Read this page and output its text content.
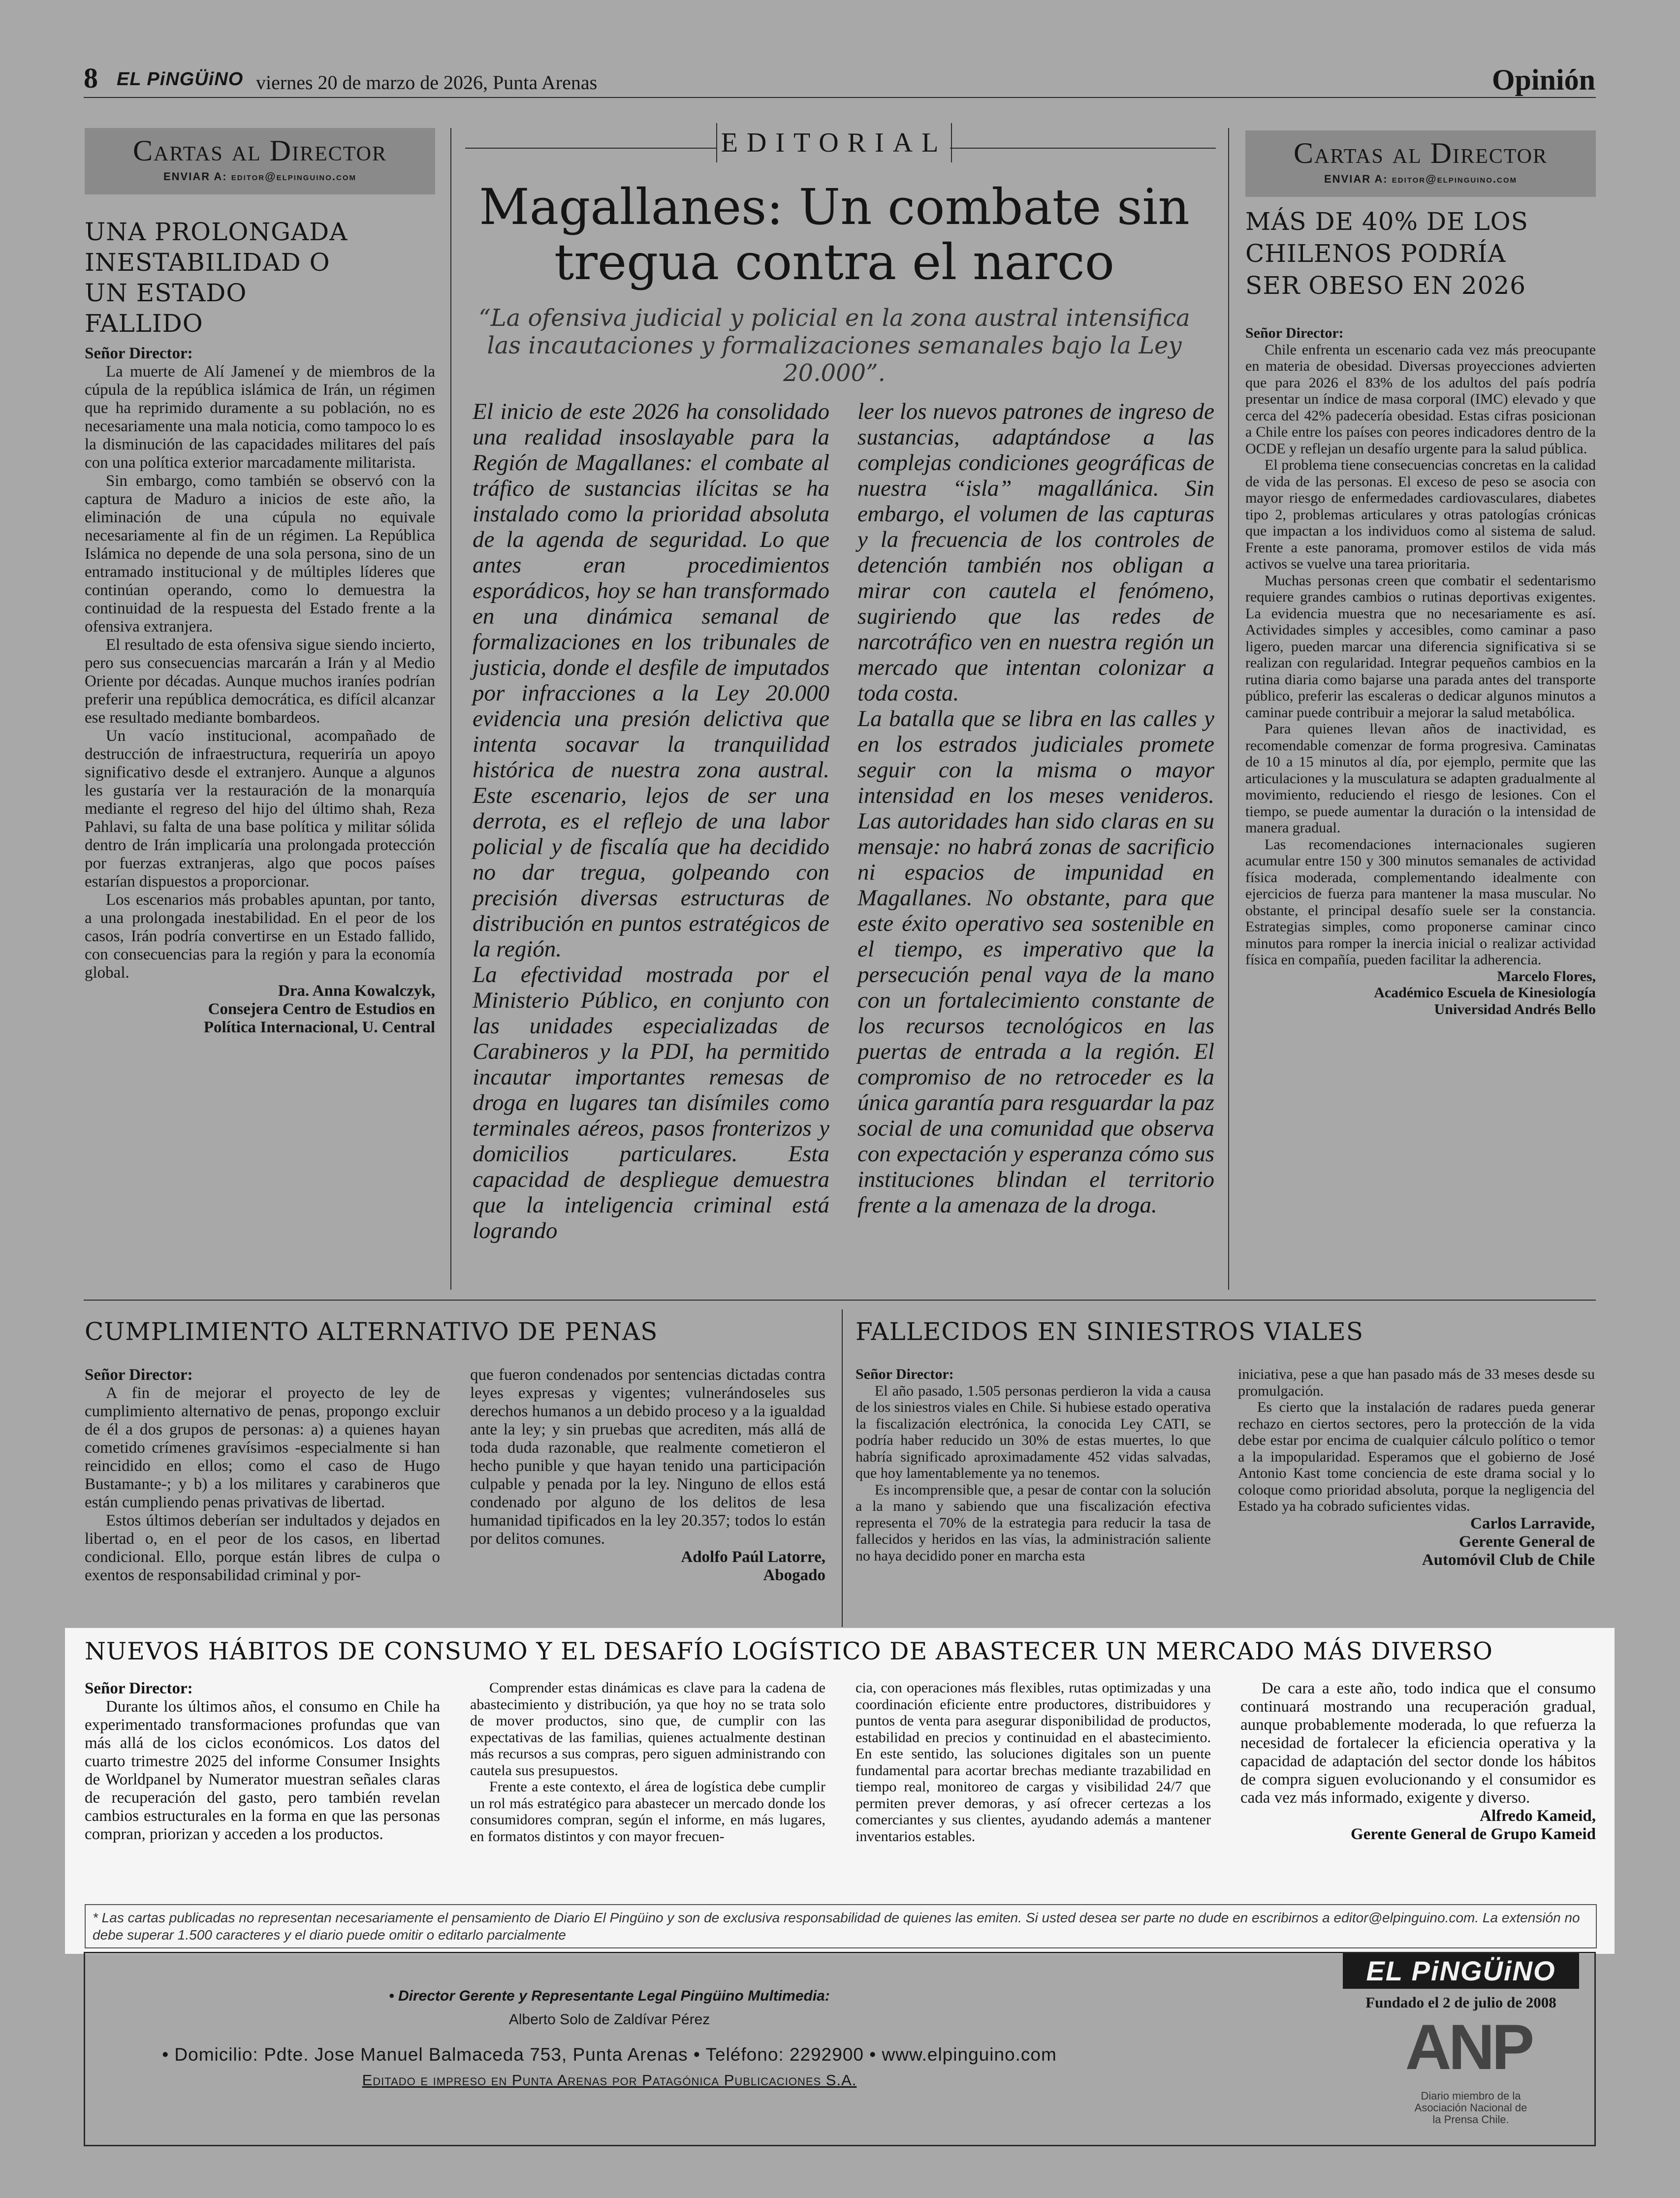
8 EL PiNGÜiNO viernes 20 de marzo de 2026, Punta Arenas	Opinión
Cartas al Director
ENVIAR A: editor@elpinguino.com
UNA PROLONGADA INESTABILIDAD O UN ESTADO FALLIDO
Señor Director:

La muerte de Alí Jameneí y de miembros de la cúpula de la república islámica de Irán, un régimen que ha reprimido duramente a su población, no es necesariamente una mala noticia, como tampoco lo es la disminución de las capacidades militares del país con una política exterior marcadamente militarista.

Sin embargo, como también se observó con la captura de Maduro a inicios de este año, la eliminación de una cúpula no equivale necesariamente al fin de un régimen. La República Islámica no depende de una sola persona, sino de un entramado institucional y de múltiples líderes que continúan operando, como lo demuestra la continuidad de la respuesta del Estado frente a la ofensiva extranjera.

El resultado de esta ofensiva sigue siendo incierto, pero sus consecuencias marcarán a Irán y al Medio Oriente por décadas. Aunque muchos iraníes podrían preferir una república democrática, es difícil alcanzar ese resultado mediante bombardeos.

Un vacío institucional, acompañado de destrucción de infraestructura, requeriría un apoyo significativo desde el extranjero. Aunque a algunos les gustaría ver la restauración de la monarquía mediante el regreso del hijo del último shah, Reza Pahlavi, su falta de una base política y militar sólida dentro de Irán implicaría una prolongada protección por fuerzas extranjeras, algo que pocos países estarían dispuestos a proporcionar.

Los escenarios más probables apuntan, por tanto, a una prolongada inestabilidad. En el peor de los casos, Irán podría convertirse en un Estado fallido, con consecuencias para la región y para la economía global.

Dra. Anna Kowalczyk,
Consejera Centro de Estudios en
Política Internacional, U. Central
EDITORIAL
Magallanes: Un combate sin tregua contra el narco
“La ofensiva judicial y policial en la zona austral intensifica las incautaciones y formalizaciones semanales bajo la Ley 20.000”.

El inicio de este 2026 ha consolidado una realidad insoslayable para la Región de Magallanes: el combate al tráfico de sustancias ilícitas se ha instalado como la prioridad absoluta de la agenda de seguridad. Lo que antes eran procedimientos esporádicos, hoy se han transformado en una dinámica semanal de formalizaciones en los tribunales de justicia, donde el desfile de imputados por infracciones a la Ley 20.000 evidencia una presión delictiva que intenta socavar la tranquilidad histórica de nuestra zona austral. Este escenario, lejos de ser una derrota, es el reflejo de una labor policial y de fiscalía que ha decidido no dar tregua, golpeando con precisión diversas estructuras de distribución en puntos estratégicos de la región.

La efectividad mostrada por el Ministerio Público, en conjunto con las unidades especializadas de Carabineros y la PDI, ha permitido incautar importantes remesas de droga en lugares tan disímiles como terminales aéreos, pasos fronterizos y domicilios particulares. Esta capacidad de despliegue demuestra que la inteligencia criminal está logrando

leer los nuevos patrones de ingreso de sustancias, adaptándose a las complejas condiciones geográficas de nuestra “isla” magallánica. Sin embargo, el volumen de las capturas y la frecuencia de los controles de detención también nos obligan a mirar con cautela el fenómeno, sugiriendo que las redes de narcotráfico ven en nuestra región un mercado que intentan colonizar a toda costa.

La batalla que se libra en las calles y en los estrados judiciales promete seguir con la misma o mayor intensidad en los meses venideros. Las autoridades han sido claras en su mensaje: no habrá zonas de sacrificio ni espacios de impunidad en Magallanes. No obstante, para que este éxito operativo sea sostenible en el tiempo, es imperativo que la persecución penal vaya de la mano con un fortalecimiento constante de los recursos tecnológicos en las puertas de entrada a la región. El compromiso de no retroceder es la única garantía para resguardar la paz social de una comunidad que observa con expectación y esperanza cómo sus instituciones blindan el territorio frente a la amenaza de la droga.

Cartas al Director
ENVIAR A: editor@elpinguino.com
MÁS DE 40% DE LOS CHILENOS PODRÍA SER OBESO EN 2026
Señor Director:

Chile enfrenta un escenario cada vez más preocupante en materia de obesidad. Diversas proyecciones advierten que para 2026 el 83% de los adultos del país podría presentar un índice de masa corporal (IMC) elevado y que cerca del 42% padecería obesidad. Estas cifras posicionan a Chile entre los países con peores indicadores dentro de la OCDE y reflejan un desafío urgente para la salud pública.

El problema tiene consecuencias concretas en la calidad de vida de las personas. El exceso de peso se asocia con mayor riesgo de enfermedades cardiovasculares, diabetes tipo 2, problemas articulares y otras patologías crónicas que impactan a los individuos como al sistema de salud. Frente a este panorama, promover estilos de vida más activos se vuelve una tarea prioritaria.

Muchas personas creen que combatir el sedentarismo requiere grandes cambios o rutinas deportivas exigentes. La evidencia muestra que no necesariamente es así. Actividades simples y accesibles, como caminar a paso ligero, pueden marcar una diferencia significativa si se realizan con regularidad. Integrar pequeños cambios en la rutina diaria como bajarse una parada antes del transporte público, preferir las escaleras o dedicar algunos minutos a caminar puede contribuir a mejorar la salud metabólica.

Para quienes llevan años de inactividad, es recomendable comenzar de forma progresiva. Caminatas de 10 a 15 minutos al día, por ejemplo, permite que las articulaciones y la musculatura se adapten gradualmente al movimiento, reduciendo el riesgo de lesiones. Con el tiempo, se puede aumentar la duración o la intensidad de manera gradual.

Las recomendaciones internacionales sugieren acumular entre 150 y 300 minutos semanales de actividad física moderada, complementando idealmente con ejercicios de fuerza para mantener la masa muscular. No obstante, el principal desafío suele ser la constancia. Estrategias simples, como proponerse caminar cinco minutos para romper la inercia inicial o realizar actividad física en compañía, pueden facilitar la adherencia.

Marcelo Flores,
Académico Escuela de Kinesiología
Universidad Andrés Bello
CUMPLIMIENTO ALTERNATIVO DE PENAS
Señor Director:

A fin de mejorar el proyecto de ley de cumplimiento alternativo de penas, propongo excluir de él a dos grupos de personas: a) a quienes hayan cometido crímenes gravísimos -especialmente si han reincidido en ellos; como el caso de Hugo Bustamante-; y b) a los militares y carabineros que están cumpliendo penas privativas de libertad.

Estos últimos deberían ser indultados y dejados en libertad o, en el peor de los casos, en libertad condicional. Ello, porque están libres de culpa o exentos de responsabilidad criminal y por-

que fueron condenados por sentencias dictadas contra leyes expresas y vigentes; vulnerándoseles sus derechos humanos a un debido proceso y a la igualdad ante la ley; y sin pruebas que acrediten, más allá de toda duda razonable, que realmente cometieron el hecho punible y que hayan tenido una participación culpable y penada por la ley. Ninguno de ellos está condenado por alguno de los delitos de lesa humanidad tipificados en la ley 20.357; todos lo están por delitos comunes.

Adolfo Paúl Latorre,
Abogado
FALLECIDOS EN SINIESTROS VIALES
Señor Director:

El año pasado, 1.505 personas perdieron la vida a causa de los siniestros viales en Chile. Si hubiese estado operativa la fiscalización electrónica, la conocida Ley CATI, se podría haber reducido un 30% de estas muertes, lo que habría significado aproximadamente 452 vidas salvadas, que hoy lamentablemente ya no tenemos.

Es incomprensible que, a pesar de contar con la solución a la mano y sabiendo que una fiscalización efectiva representa el 70% de la estrategia para reducir la tasa de fallecidos y heridos en las vías, la administración saliente no haya decidido poner en marcha esta

iniciativa, pese a que han pasado más de 33 meses desde su promulgación.

Es cierto que la instalación de radares pueda generar rechazo en ciertos sectores, pero la protección de la vida debe estar por encima de cualquier cálculo político o temor a la impopularidad. Esperamos que el gobierno de José Antonio Kast tome conciencia de este drama social y lo coloque como prioridad absoluta, porque la negligencia del Estado ya ha cobrado suficientes vidas.

Carlos Larravide,
Gerente General de
Automóvil Club de Chile
NUEVOS HÁBITOS DE CONSUMO Y EL DESAFÍO LOGÍSTICO DE ABASTECER UN MERCADO MÁS DIVERSO
Señor Director:

Durante los últimos años, el consumo en Chile ha experimentado transformaciones profundas que van más allá de los ciclos económicos. Los datos del cuarto trimestre 2025 del informe Consumer Insights de Worldpanel by Numerator muestran señales claras de recuperación del gasto, pero también revelan cambios estructurales en la forma en que las personas compran, priorizan y acceden a los productos.

Comprender estas dinámicas es clave para la cadena de abastecimiento y distribución, ya que hoy no se trata solo de mover productos, sino que, de cumplir con las expectativas de las familias, quienes actualmente destinan más recursos a sus compras, pero siguen administrando con cautela sus presupuestos.

Frente a este contexto, el área de logística debe cumplir un rol más estratégico para abastecer un mercado donde los consumidores compran, según el informe, en más lugares, en formatos distintos y con mayor frecuen-

cia, con operaciones más flexibles, rutas optimizadas y una coordinación eficiente entre productores, distribuidores y puntos de venta para asegurar disponibilidad de productos, estabilidad en precios y continuidad en el abastecimiento. En este sentido, las soluciones digitales son un puente fundamental para acortar brechas mediante trazabilidad en tiempo real, monitoreo de cargas y visibilidad 24/7 que permiten prever demoras, y así ofrecer certezas a los comerciantes y sus clientes, ayudando además a mantener inventarios estables.

De cara a este año, todo indica que el consumo continuará mostrando una recuperación gradual, aunque probablemente moderada, lo que refuerza la necesidad de fortalecer la eficiencia operativa y la capacidad de adaptación del sector donde los hábitos de compra siguen evolucionando y el consumidor es cada vez más informado, exigente y diverso.

Alfredo Kameid,
Gerente General de Grupo Kameid
* Las cartas publicadas no representan necesariamente el pensamiento de Diario El Pingüino y son de exclusiva responsabilidad de quienes las emiten. Si usted desea ser parte no dude en escribirnos a editor@elpinguino.com. La extensión no debe superar 1.500 caracteres y el diario puede omitir o editarlo parcialmente
• Director Gerente y Representante Legal Pingüino Multimedia:
Alberto Solo de Zaldívar Pérez
• Domicilio: Pdte. Jose Manuel Balmaceda 753, Punta Arenas • Teléfono: 2292900 • www.elpinguino.com
Editado e impreso en Punta Arenas por Patagónica Publicaciones S.A.
EL PiNGÜiNO
Fundado el 2 de julio de 2008
ANP
Diario miembro de la Asociación Nacional de la Prensa Chile.
